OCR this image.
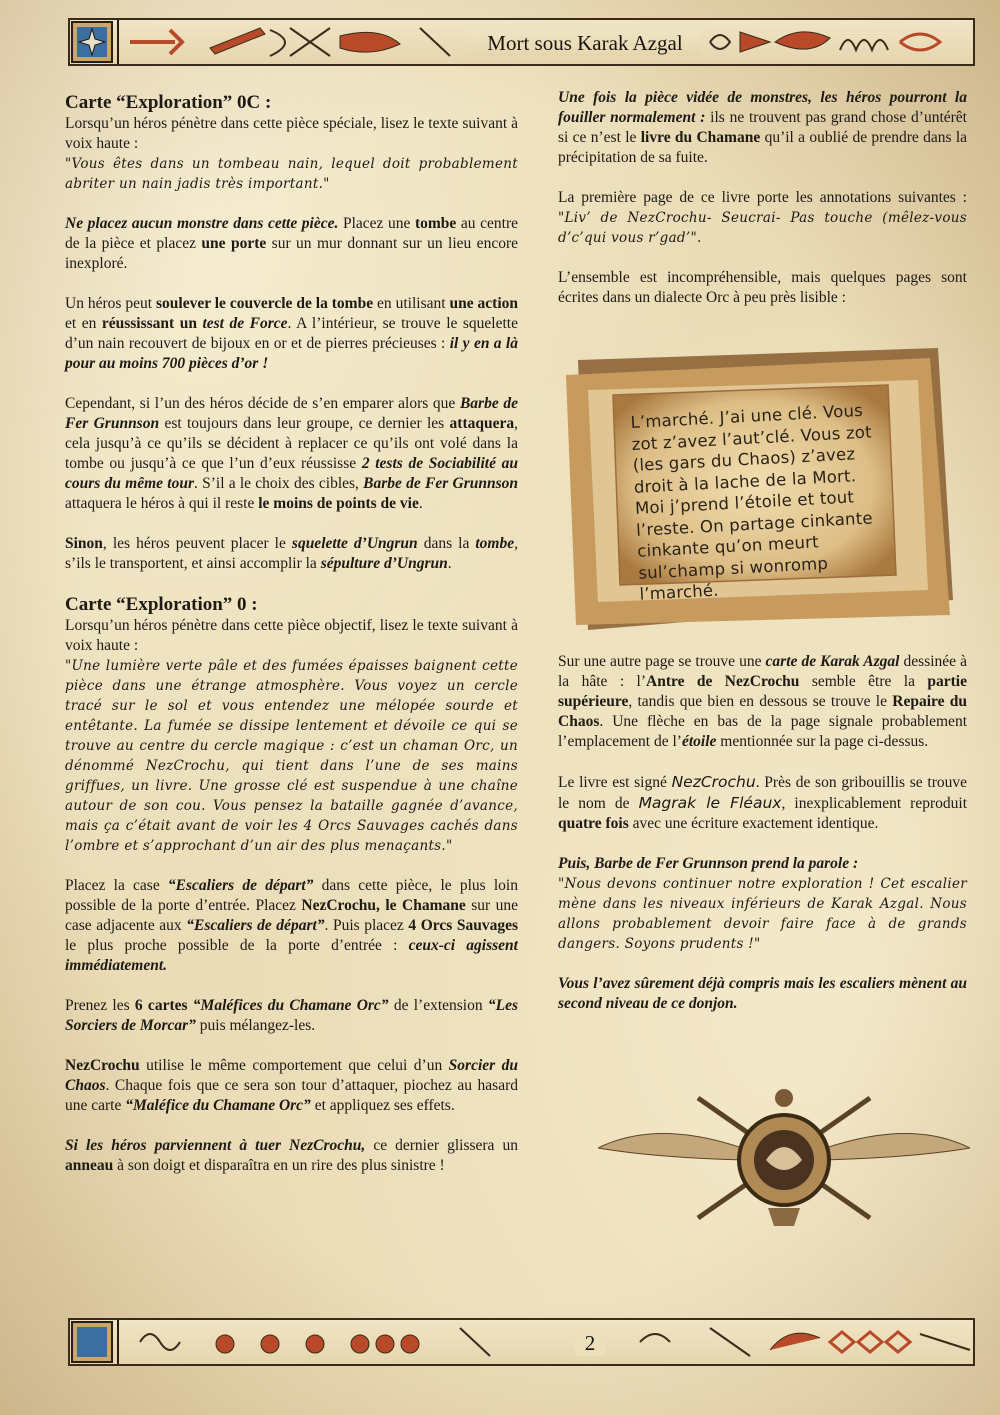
Mort sous Karak Azgal
Carte “Exploration” 0C :
Lorsqu’un héros pénètre dans cette pièce spéciale, lisez le texte suivant à voix haute :

"Vous êtes dans un tombeau nain, lequel doit probablement abriter un nain jadis très important."

Ne placez aucun monstre dans cette pièce. Placez une tombe au centre de la pièce et placez une porte sur un mur donnant sur un lieu encore inexploré.

Un héros peut soulever le couvercle de la tombe en utilisant une action et en réussissant un test de Force. A l’intérieur, se trouve le squelette d’un nain recouvert de bijoux en or et de pierres précieuses : il y en a là pour au moins 700 pièces d’or !

Cependant, si l’un des héros décide de s’en emparer alors que Barbe de Fer Grunnson est toujours dans leur groupe, ce dernier les attaquera, cela jusqu’à ce qu’ils se décident à replacer ce qu’ils ont volé dans la tombe ou jusqu’à ce que l’un d’eux réussisse 2 tests de Sociabilité au cours du même tour. S’il a le choix des cibles, Barbe de Fer Grunnson attaquera le héros à qui il reste le moins de points de vie.

Sinon, les héros peuvent placer le squelette d’Ungrun dans la tombe, s’ils le transportent, et ainsi accomplir la sépulture d’Ungrun.

Carte “Exploration” 0 :
Lorsqu’un héros pénètre dans cette pièce objectif, lisez le texte suivant à voix haute :

"Une lumière verte pâle et des fumées épaisses baignent cette pièce dans une étrange atmosphère. Vous voyez un cercle tracé sur le sol et vous entendez une mélopée sourde et entêtante. La fumée se dissipe lentement et dévoile ce qui se trouve au centre du cercle magique : c’est un chaman Orc, un dénommé NezCrochu, qui tient dans l’une de ses mains griffues, un livre. Une grosse clé est suspendue à une chaîne autour de son cou. Vous pensez la bataille gagnée d’avance, mais ça c’était avant de voir les 4 Orcs Sauvages cachés dans l’ombre et s’approchant d’un air des plus menaçants."

Placez la case “Escaliers de départ” dans cette pièce, le plus loin possible de la porte d’entrée. Placez NezCrochu, le Chamane sur une case adjacente aux “Escaliers de départ”. Puis placez 4 Orcs Sauvages le plus proche possible de la porte d’entrée : ceux-ci agissent immédiatement.

Prenez les 6 cartes “Maléfices du Chamane Orc” de l’extension “Les Sorciers de Morcar” puis mélangez-les.

NezCrochu utilise le même comportement que celui d’un Sorcier du Chaos. Chaque fois que ce sera son tour d’attaquer, piochez au hasard une carte “Maléfice du Chamane Orc” et appliquez ses effets.

Si les héros parviennent à tuer NezCrochu, ce dernier glissera un anneau à son doigt et disparaîtra en un rire des plus sinistre !

Une fois la pièce vidée de monstres, les héros pourront la fouiller normalement : ils ne trouvent pas grand chose d’untérêt si ce n’est le livre du Chamane qu’il a oublié de prendre dans la précipitation de sa fuite.

La première page de ce livre porte les annotations suivantes : "Liv’ de NezCrochu- Seucrai- Pas touche (mêlez-vous d’c’qui vous r’gad’".

L’ensemble est incompréhensible, mais quelques pages sont écrites dans un dialecte Orc à peu près lisible :

L’marché. J’ai une clé. Vous zot z’avez l’aut’clé. Vous zot (les gars du Chaos) z’avez droit à la lache de la Mort. Moi j’prend l’étoile et tout l’reste. On partage cinkante cinkante qu’on meurt sul’champ si wonromp l’marché.

Sur une autre page se trouve une carte de Karak Azgal dessinée à la hâte : l’Antre de NezCrochu semble être la partie supérieure, tandis que bien en dessous se trouve le Repaire du Chaos. Une flèche en bas de la page signale probablement l’emplacement de l’étoile mentionnée sur la page ci-dessus.

Le livre est signé NezCrochu. Près de son gribouillis se trouve le nom de Magrak le Fléaux, inexplicablement reproduit quatre fois avec une écriture exactement identique.

Puis, Barbe de Fer Grunnson prend la parole :

"Nous devons continuer notre exploration ! Cet escalier mène dans les niveaux inférieurs de Karak Azgal. Nous allons probablement devoir faire face à de grands dangers. Soyons prudents !"

Vous l’avez sûrement déjà compris mais les escaliers mènent au second niveau de ce donjon.

2
